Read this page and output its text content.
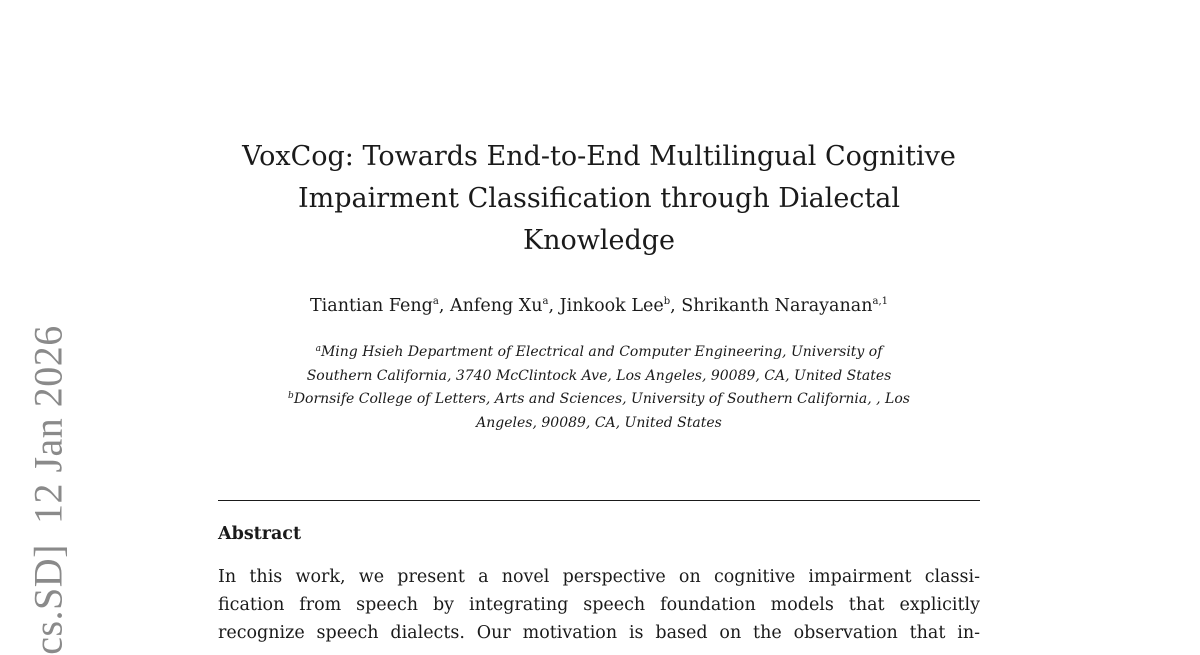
cs.SD]12 Jan 2026
VoxCog: Towards End-to-End Multilingual Cognitive
Impairment Classification through Dialectal
Knowledge
Tiantian Feng$^a$, Anfeng Xu$^a$, Jinkook Lee$^b$, Shrikanth Narayanan$^{a,1}$
$^a$Ming Hsieh Department of Electrical and Computer Engineering, University of
Southern California, 3740 McClintock Ave, Los Angeles, 90089, CA, United States
$^b$Dornsife College of Letters, Arts and Sciences, University of Southern California, , Los
Angeles, 90089, CA, United States
Abstract
In this work, we present a novel perspective on cognitive impairment classi-
fication from speech by integrating speech foundation models that explicitly
recognize speech dialects. Our motivation is based on the observation that in-
